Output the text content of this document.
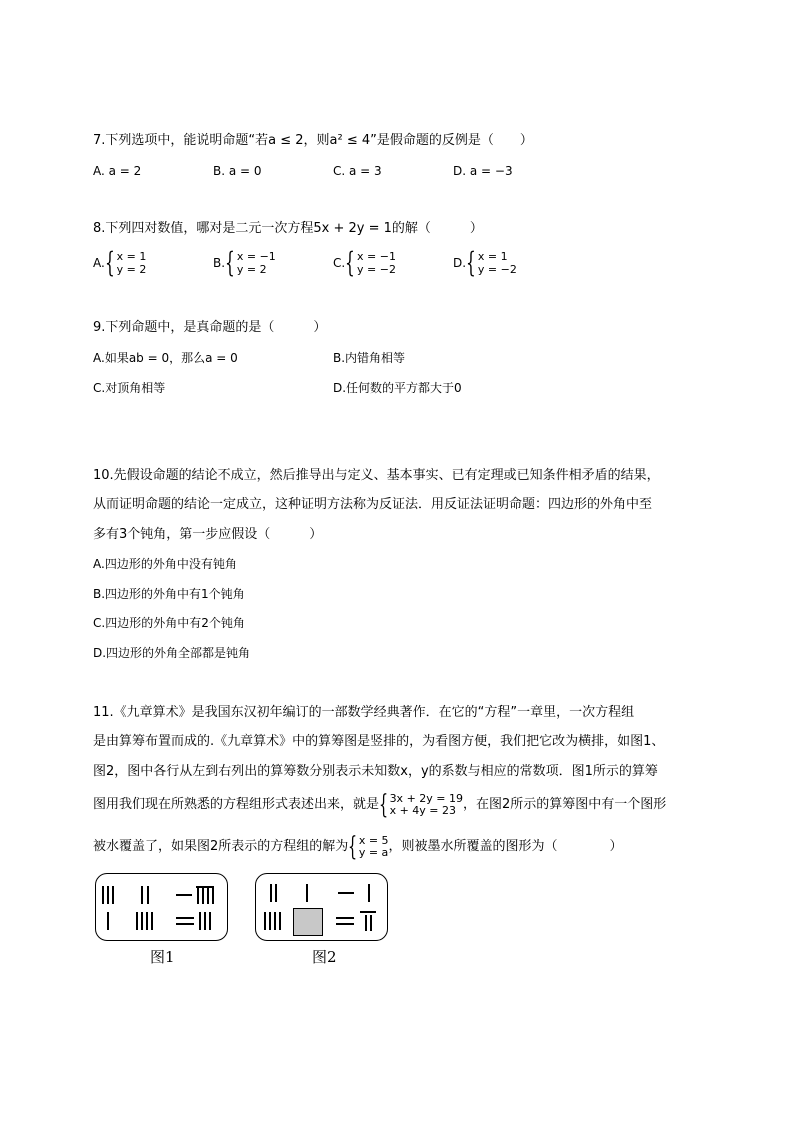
7.下列选项中，能说明命题“若a ≤ 2，则a² ≤ 4”是假命题的反例是（　　）
A. a = 2	B. a = 0	C. a = 3	D. a = −3
8.下列四对数值，哪对是二元一次方程5x + 2y = 1的解（　　　）
A. { x = 1
y = 2	B. { x = −1
y = 2	C. { x = −1
y = −2	D. { x = 1
y = −2
9.下列命题中，是真命题的是（　　　）
A.如果ab = 0，那么a = 0	B.内错角相等
C.对顶角相等	D.任何数的平方都大于0
10.先假设命题的结论不成立，然后推导出与定义、基本事实、已有定理或已知条件相矛盾的结果，
从而证明命题的结论一定成立，这种证明方法称为反证法．用反证法证明命题：四边形的外角中至
多有3个钝角，第一步应假设（　　　）
A.四边形的外角中没有钝角
B.四边形的外角中有1个钝角
C.四边形的外角中有2个钝角
D.四边形的外角全部都是钝角
11.《九章算术》是我国东汉初年编订的一部数学经典著作．在它的“方程”一章里，一次方程组
是由算筹布置而成的.《九章算术》中的算筹图是竖排的，为看图方便，我们把它改为横排，如图1、
图2，图中各行从左到右列出的算筹数分别表示未知数x，y的系数与相应的常数项．图1所示的算筹
图用我们现在所熟悉的方程组形式表述出来，就是 { 3x + 2y = 19
x + 4y = 23 ，在图2所示的算筹图中有一个图形
被水覆盖了，如果图2所表示的方程组的解为 { x = 5
y = a ，则被墨水所覆盖的图形为（　　　　）
图1	图2
